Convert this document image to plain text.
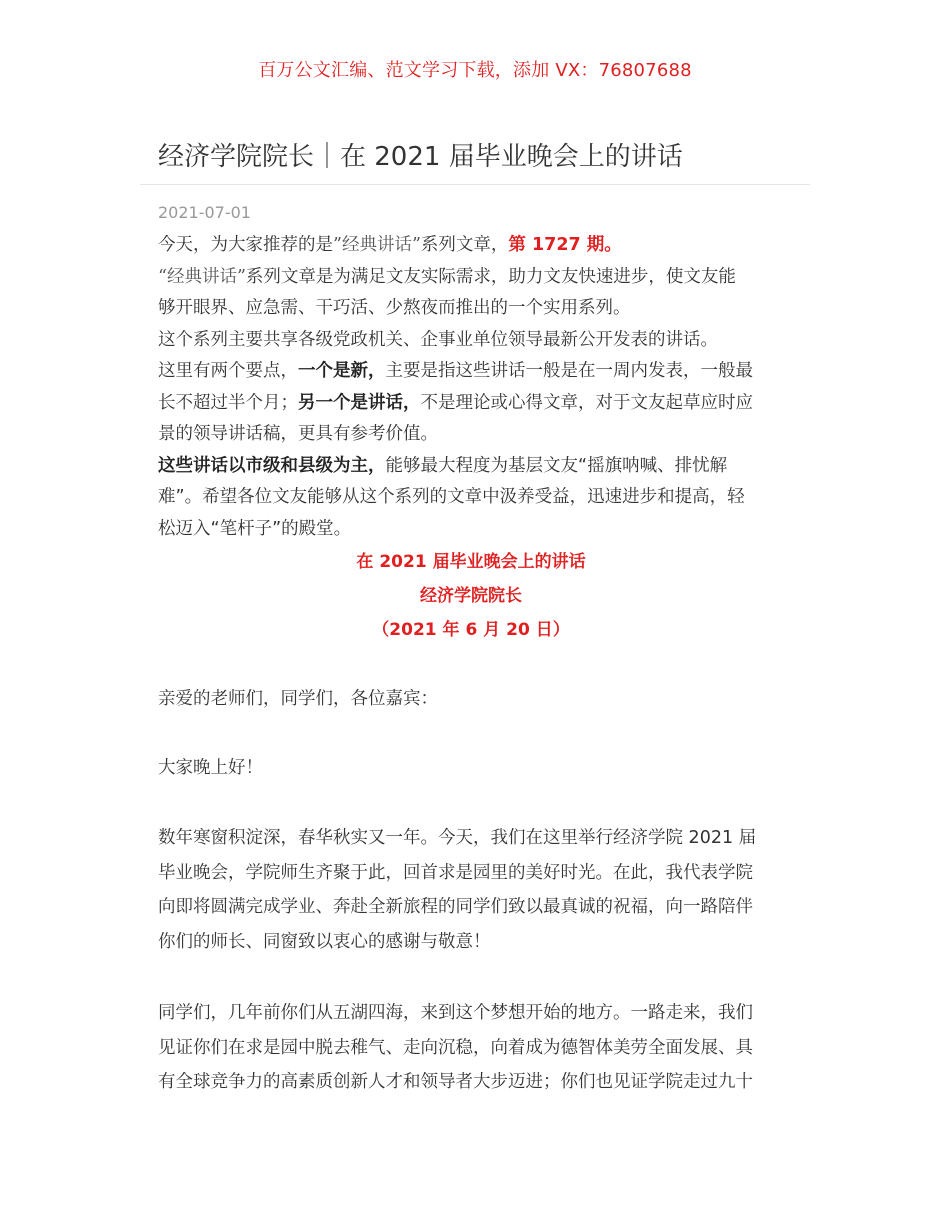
百万公文汇编、范文学习下载，添加 VX：76807688
经济学院院长｜在 2021 届毕业晚会上的讲话
2021-07-01
今天，为大家推荐的是”经典讲话”系列文章，第 1727 期。
“经典讲话”系列文章是为满足文友实际需求，助力文友快速进步，使文友能
够开眼界、应急需、干巧活、少熬夜而推出的一个实用系列。
这个系列主要共享各级党政机关、企事业单位领导最新公开发表的讲话。
这里有两个要点，一个是新，主要是指这些讲话一般是在一周内发表，一般最
长不超过半个月；另一个是讲话，不是理论或心得文章，对于文友起草应时应
景的领导讲话稿，更具有参考价值。
这些讲话以市级和县级为主，能够最大程度为基层文友“摇旗呐喊、排忧解
难”。希望各位文友能够从这个系列的文章中汲养受益，迅速进步和提高，轻
松迈入“笔杆子”的殿堂。
在 2021 届毕业晚会上的讲话
经济学院院长
（2021 年 6 月 20 日）
亲爱的老师们，同学们，各位嘉宾：
大家晚上好！
数年寒窗积淀深，春华秋实又一年。今天，我们在这里举行经济学院 2021 届
毕业晚会，学院师生齐聚于此，回首求是园里的美好时光。在此，我代表学院
向即将圆满完成学业、奔赴全新旅程的同学们致以最真诚的祝福，向一路陪伴
你们的师长、同窗致以衷心的感谢与敬意！
同学们，几年前你们从五湖四海，来到这个梦想开始的地方。一路走来，我们
见证你们在求是园中脱去稚气、走向沉稳，向着成为德智体美劳全面发展、具
有全球竞争力的高素质创新人才和领导者大步迈进；你们也见证学院走过九十
